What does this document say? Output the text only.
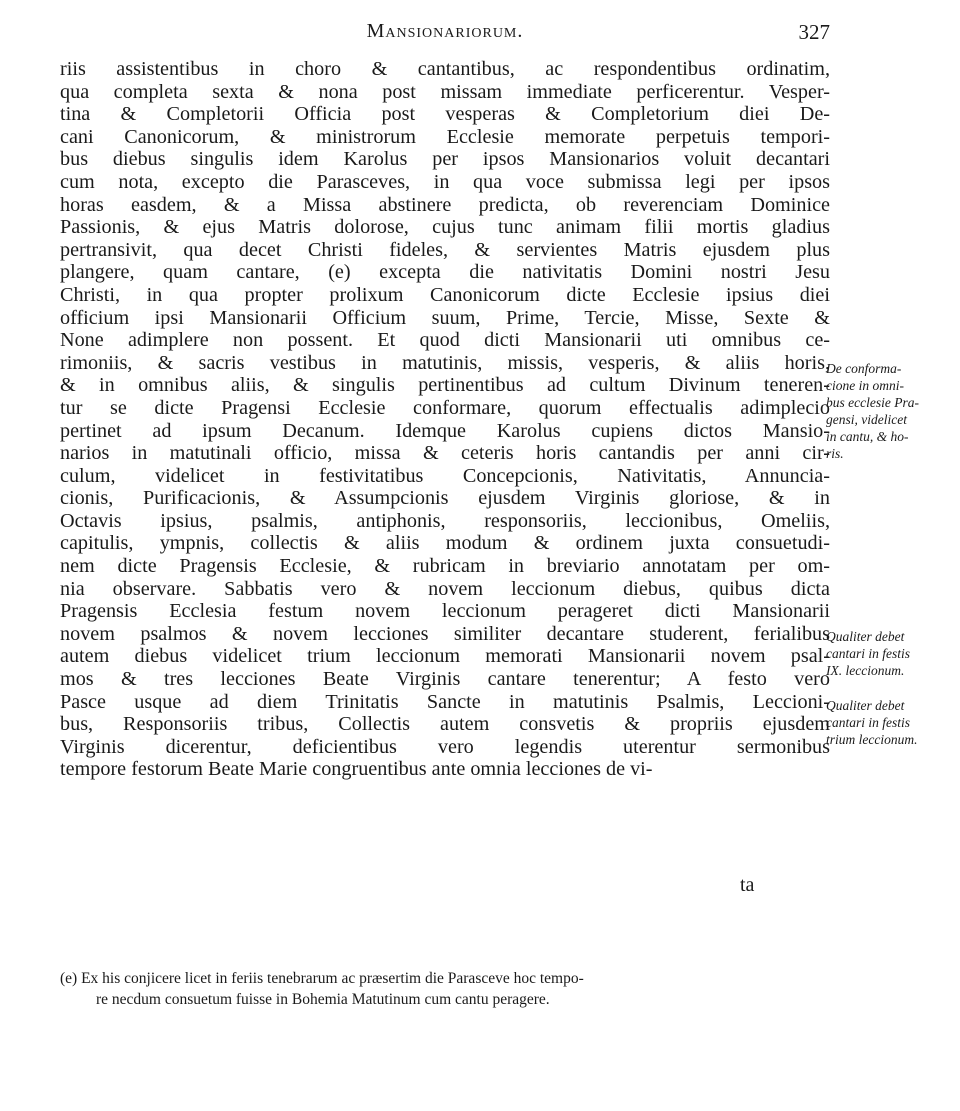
Mansionariorum.	327
riis assistentibus in choro & cantantibus, ac respondentibus ordinatim,
qua completa sexta & nona post missam immediate perficerentur. Vesper-
tina & Completorii Officia post vesperas & Completorium diei De-
cani Canonicorum, & ministrorum Ecclesie memorate perpetuis tempori-
bus diebus singulis idem Karolus per ipsos Mansionarios voluit decantari
cum nota, excepto die Parasceves, in qua voce submissa legi per ipsos
horas easdem, & a Missa abstinere predicta, ob reverenciam Dominice
Passionis, & ejus Matris dolorose, cujus tunc animam filii mortis gladius
pertransivit, qua decet Christi fideles, & servientes Matris ejusdem plus
plangere, quam cantare, (e) excepta die nativitatis Domini nostri Jesu
Christi, in qua propter prolixum Canonicorum dicte Ecclesie ipsius diei
officium ipsi Mansionarii Officium suum, Prime, Tercie, Misse, Sexte &
None adimplere non possent. Et quod dicti Mansionarii uti omnibus ce-
rimoniis, & sacris vestibus in matutinis, missis, vesperis, & aliis horis,
& in omnibus aliis, & singulis pertinentibus ad cultum Divinum teneren-
tur se dicte Pragensi Ecclesie conformare, quorum effectualis adimplecio
pertinet ad ipsum Decanum. Idemque Karolus cupiens dictos Mansio-
narios in matutinali officio, missa & ceteris horis cantandis per anni cir-
culum, videlicet in festivitatibus Concepcionis, Nativitatis, Annuncia-
cionis, Purificacionis, & Assumpcionis ejusdem Virginis gloriose, & in
Octavis ipsius, psalmis, antiphonis, responsoriis, leccionibus, Omeliis,
capitulis, ympnis, collectis & aliis modum & ordinem juxta consuetudi-
nem dicte Pragensis Ecclesie, & rubricam in breviario annotatam per om-
nia observare. Sabbatis vero & novem leccionum diebus, quibus dicta
Pragensis Ecclesia festum novem leccionum perageret dicti Mansionarii
novem psalmos & novem lecciones similiter decantare studerent, ferialibus
autem diebus videlicet trium leccionum memorati Mansionarii novem psal-
mos & tres lecciones Beate Virginis cantare tenerentur; A festo vero
Pasce usque ad diem Trinitatis Sancte in matutinis Psalmis, Leccioni-
bus, Responsoriis tribus, Collectis autem consvetis & propriis ejusdem
Virginis dicerentur, deficientibus vero legendis uterentur sermonibus
tempore festorum Beate Marie congruentibus ante omnia lecciones de vi-
ta
De conforma-
cione in omni-
bus ecclesie Pra-
gensi, videlicet
in cantu, & ho-
ris.
Qualiter debet
cantari in festis
IX. leccionum.
Qualiter debet
cantari in festis
trium leccionum.
(e) Ex his conjicere licet in feriis tenebrarum ac præsertim die Parasceve hoc tempo-
re necdum consuetum fuisse in Bohemia Matutinum cum cantu peragere.
